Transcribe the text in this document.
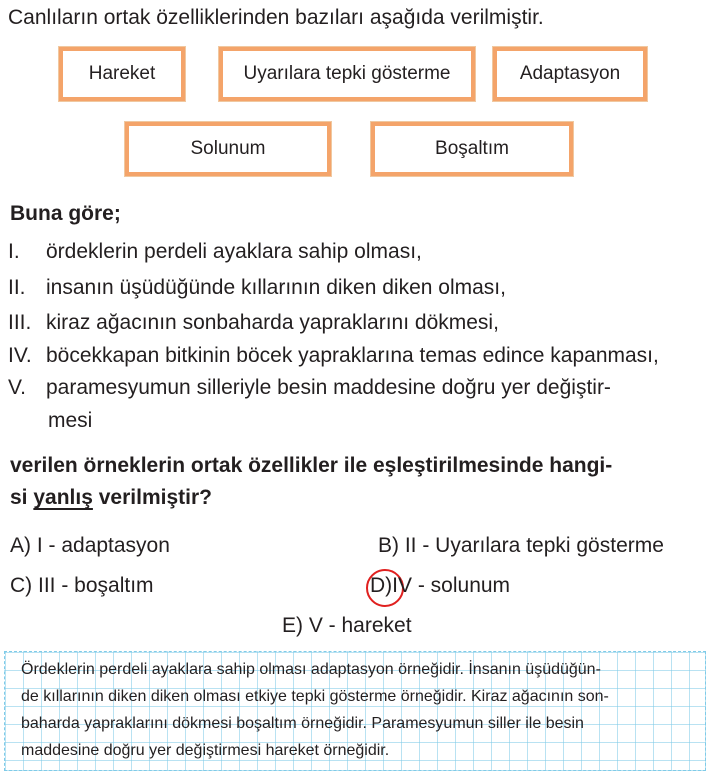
Canlıların ortak özelliklerinden bazıları aşağıda verilmiştir.
Hareket	Uyarılara tepki gösterme	Adaptasyon
Solunum	Boşaltım
Buna göre;
I. ördeklerin perdeli ayaklara sahip olması,
II. insanın üşüdüğünde kıllarının diken diken olması,
III. kiraz ağacının sonbaharda yapraklarını dökmesi,
IV. böcekkapan bitkinin böcek yapraklarına temas edince kapanması,
V. paramesyumun silleriyle besin maddesine doğru yer değiştir-
mesi
verilen örneklerin ortak özellikler ile eşleştirilmesinde hangi-
si yanlış verilmiştir?
A) I - adaptasyon	B) II - Uyarılara tepki gösterme
C) III - boşaltım	D)IV - solunum
E) V - hareket
Ördeklerin perdeli ayaklara sahip olması adaptasyon örneğidir. İnsanın üşüdüğün-
de kıllarının diken diken olması etkiye tepki gösterme örneğidir. Kiraz ağacının son-
baharda yapraklarını dökmesi boşaltım örneğidir. Paramesyumun siller ile besin
maddesine doğru yer değiştirmesi hareket örneğidir.
